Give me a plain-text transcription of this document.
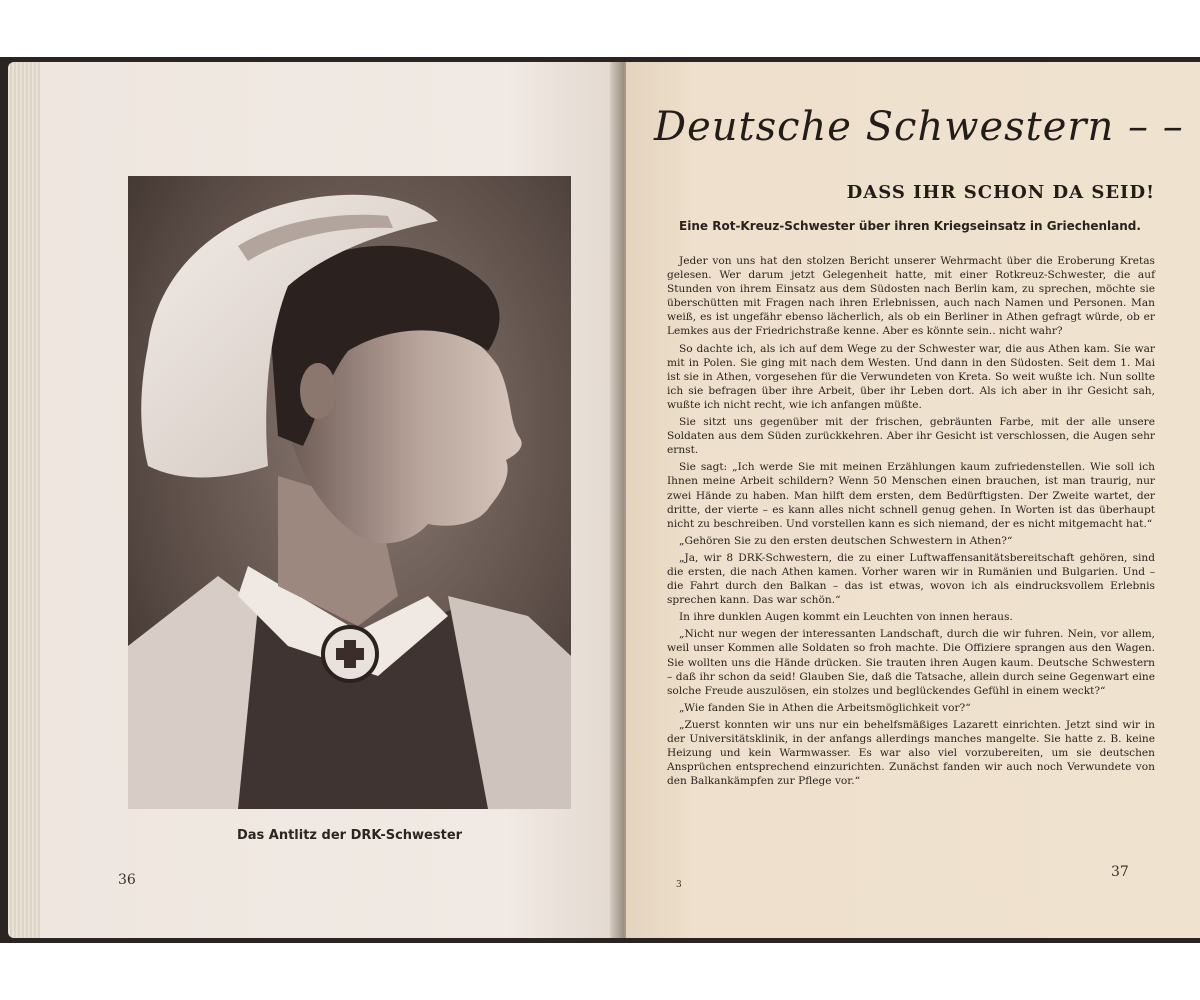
Das Antlitz der DRK-Schwester
36
Deutsche Schwestern – –
DASS IHR SCHON DA SEID!
Eine Rot-Kreuz-Schwester über ihren Kriegseinsatz in Griechenland.

Jeder von uns hat den stolzen Bericht unserer Wehrmacht über die Eroberung Kretas gelesen. Wer darum jetzt Gelegenheit hatte, mit einer Rotkreuz-Schwester, die auf Stunden von ihrem Einsatz aus dem Südosten nach Berlin kam, zu sprechen, möchte sie überschütten mit Fragen nach ihren Erlebnissen, auch nach Namen und Personen. Man weiß, es ist ungefähr ebenso lächerlich, als ob ein Berliner in Athen gefragt würde, ob er Lemkes aus der Friedrichstraße kenne. Aber es könnte sein.. nicht wahr?

So dachte ich, als ich auf dem Wege zu der Schwester war, die aus Athen kam. Sie war mit in Polen. Sie ging mit nach dem Westen. Und dann in den Südosten. Seit dem 1. Mai ist sie in Athen, vorgesehen für die Verwundeten von Kreta. So weit wußte ich. Nun sollte ich sie befragen über ihre Arbeit, über ihr Leben dort. Als ich aber in ihr Gesicht sah, wußte ich nicht recht, wie ich anfangen müßte.

Sie sitzt uns gegenüber mit der frischen, gebräunten Farbe, mit der alle unsere Soldaten aus dem Süden zurückkehren. Aber ihr Gesicht ist verschlossen, die Augen sehr ernst.

Sie sagt: „Ich werde Sie mit meinen Erzählungen kaum zufriedenstellen. Wie soll ich Ihnen meine Arbeit schildern? Wenn 50 Menschen einen brauchen, ist man traurig, nur zwei Hände zu haben. Man hilft dem ersten, dem Bedürftigsten. Der Zweite wartet, der dritte, der vierte – es kann alles nicht schnell genug gehen. In Worten ist das überhaupt nicht zu beschreiben. Und vorstellen kann es sich niemand, der es nicht mitgemacht hat.“

„Gehören Sie zu den ersten deutschen Schwestern in Athen?“

„Ja, wir 8 DRK-Schwestern, die zu einer Luftwaffensanitätsbereitschaft gehören, sind die ersten, die nach Athen kamen. Vorher waren wir in Rumänien und Bulgarien. Und – die Fahrt durch den Balkan – das ist etwas, wovon ich als eindrucksvollem Erlebnis sprechen kann. Das war schön.“

In ihre dunklen Augen kommt ein Leuchten von innen heraus.

„Nicht nur wegen der interessanten Landschaft, durch die wir fuhren. Nein, vor allem, weil unser Kommen alle Soldaten so froh machte. Die Offiziere sprangen aus den Wagen. Sie wollten uns die Hände drücken. Sie trauten ihren Augen kaum. Deutsche Schwestern – daß ihr schon da seid! Glauben Sie, daß die Tatsache, allein durch seine Gegenwart eine solche Freude auszulösen, ein stolzes und beglückendes Gefühl in einem weckt?“

„Wie fanden Sie in Athen die Arbeitsmöglichkeit vor?“

„Zuerst konnten wir uns nur ein behelfsmäßiges Lazarett einrichten. Jetzt sind wir in der Universitätsklinik, in der anfangs allerdings manches mangelte. Sie hatte z. B. keine Heizung und kein Warmwasser. Es war also viel vorzubereiten, um sie deutschen Ansprüchen entsprechend einzurichten. Zunächst fanden wir auch noch Verwundete von den Balkankämpfen zur Pflege vor.“

3
37
